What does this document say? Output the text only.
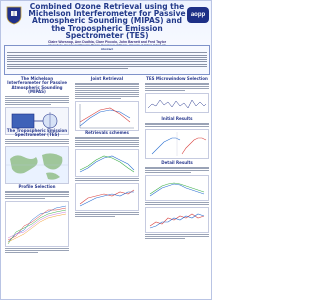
Combined Ozone Retrieval using the Michelson Interferometer for Passive Atmospheric Sounding (MIPAS) and the Tropospheric Emission Spectrometer (TES)
Claire Worsnop, Ann Dudhia, Clare Piccolo, John Barnett and Fred Taylor
aopp
Abstract
The Michelson Interferometer for Passive Atmospheric Sounding (MIPAS)
The Tropospheric Emission Spectrometer (TES)
Profile Selection
Joint Retrieval
Retrievals schemes
TES Microwindow Selection
Initial Results
Detail Results
